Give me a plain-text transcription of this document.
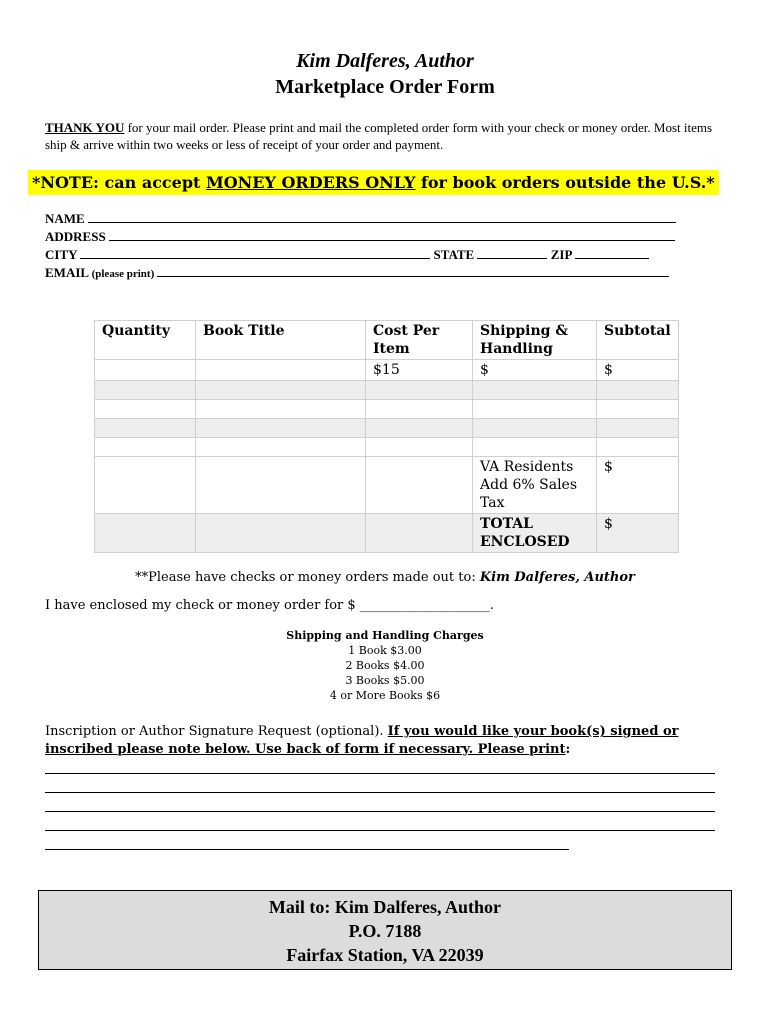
Kim Dalferes, Author
Marketplace Order Form
THANK YOU for your mail order. Please print and mail the completed order form with your check or money order. Most items ship & arrive within two weeks or less of receipt of your order and payment.
*NOTE: can accept MONEY ORDERS ONLY for book orders outside the U.S.*
NAME
ADDRESS
CITY	STATE	ZIP
EMAIL (please print)
Quantity	Book Title	Cost Per Item	Shipping & Handling	Subtotal
		$15	$	$

			VA Residents Add 6% Sales Tax	$
			TOTAL ENCLOSED	$
**Please have checks or money orders made out to: Kim Dalferes, Author
I have enclosed my check or money order for $ ____________________.
Shipping and Handling Charges
1 Book $3.00
2 Books $4.00
3 Books $5.00
4 or More Books $6
Inscription or Author Signature Request (optional). If you would like your book(s) signed or inscribed please note below. Use back of form if necessary. Please print:
Mail to: Kim Dalferes, Author
P.O. 7188
Fairfax Station, VA 22039
